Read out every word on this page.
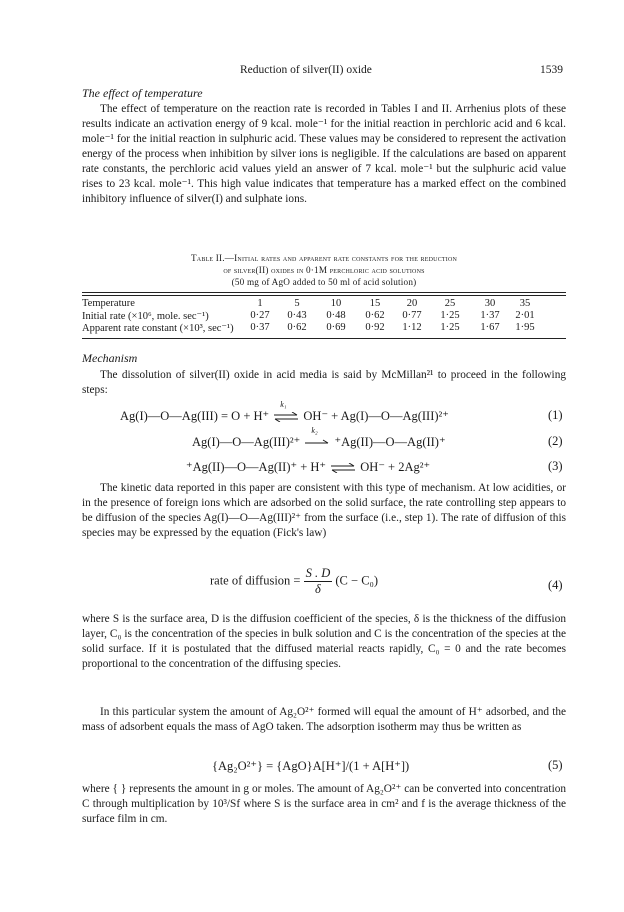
Reduction of silver(II) oxide	1539
The effect of temperature

The effect of temperature on the reaction rate is recorded in Tables I and II. Arrhenius plots of these results indicate an activation energy of 9 kcal. mole⁻¹ for the initial reaction in perchloric acid and 6 kcal. mole⁻¹ for the initial reaction in sulphuric acid. These values may be considered to represent the activation energy of the process when inhibition by silver ions is negligible. If the calculations are based on apparent rate constants, the perchloric acid values yield an answer of 7 kcal. mole⁻¹ but the sulphuric acid value rises to 23 kcal. mole⁻¹. This high value indicates that temperature has a marked effect on the combined inhibitory influence of silver(I) and sulphate ions.

Table II.—Initial rates and apparent rate constants for the reduction
of silver(II) oxides in 0·1M perchloric acid solutions
(50 mg of AgO added to 50 ml of acid solution)
Temperature	1	5	10	15	20	25	30	35
Initial rate (×10⁶, mole. sec⁻¹)	0·27	0·43	0·48	0·62	0·77	1·25	1·37	2·01
Apparent rate constant (×10³, sec⁻¹)	0·37	0·62	0·69	0·92	1·12	1·25	1·67	1·95
Mechanism

The dissolution of silver(II) oxide in acid media is said by McMillan²¹ to proceed in the following steps:

Ag(I)—O—Ag(III) = O + H⁺
k₁
OH⁻ + Ag(I)—O—Ag(III)²⁺	(1)
Ag(I)—O—Ag(III)²⁺
k₂
⁺Ag(II)—O—Ag(II)⁺	(2)
⁺Ag(II)—O—Ag(II)⁺ + H⁺ ⇌ OH⁻ + 2Ag²⁺	(3)

The kinetic data reported in this paper are consistent with this type of mechanism. At low acidities, or in the presence of foreign ions which are adsorbed on the solid surface, the rate controlling step appears to be diffusion of the species Ag(I)—O—Ag(III)²⁺ from the surface (i.e., step 1). The rate of diffusion of this species may be expressed by the equation (Fick's law)

rate of diffusion = $\frac{S . D}{\delta} (C - C_0)$	(4)

where S is the surface area, D is the diffusion coefficient of the species, δ is the thickness of the diffusion layer, C₀ is the concentration of the species in bulk solution and C is the concentration of the species at the solid surface. If it is postulated that the diffused material reacts rapidly, C₀ = 0 and the rate becomes proportional to the concentration of the diffusing species.

In this particular system the amount of Ag₂O²⁺ formed will equal the amount of H⁺ adsorbed, and the mass of adsorbent equals the mass of AgO taken. The adsorption isotherm may thus be written as

{Ag₂O²⁺} = {AgO}A[H⁺]/(1 + A[H⁺])	(5)

where { } represents the amount in g or moles. The amount of Ag₂O²⁺ can be converted into concentration C through multiplication by 10³/Sf where S is the surface area in cm² and f is the average thickness of the surface film in cm.
